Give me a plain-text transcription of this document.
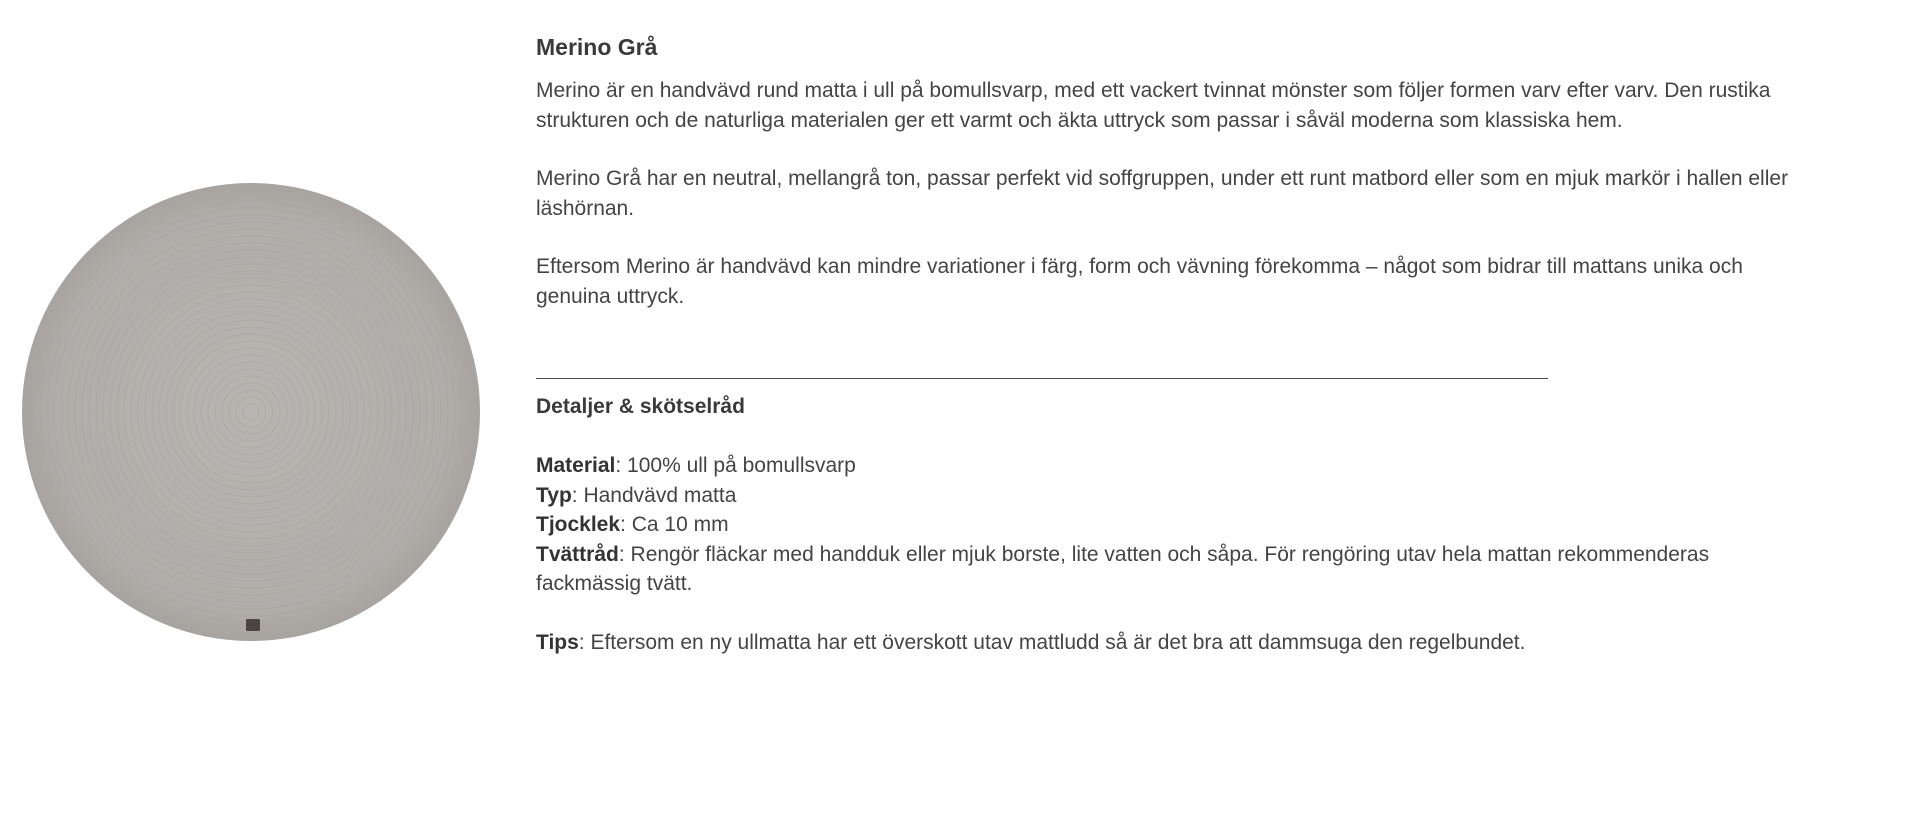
Merino Grå

Merino är en handvävd rund matta i ull på bomullsvarp, med ett vackert tvinnat mönster som följer formen varv efter varv. Den rustika strukturen och de naturliga materialen ger ett varmt och äkta uttryck som passar i såväl moderna som klassiska hem.

Merino Grå har en neutral, mellangrå ton, passar perfekt vid soffgruppen, under ett runt matbord eller som en mjuk markör i hallen eller läshörnan.

Eftersom Merino är handvävd kan mindre variationer i färg, form och vävning förekomma – något som bidrar till mattans unika och genuina uttryck.

Detaljer & skötselråd
Material: 100% ull på bomullsvarp
Typ: Handvävd matta
Tjocklek: Ca 10 mm
Tvättråd: Rengör fläckar med handduk eller mjuk borste, lite vatten och såpa. För rengöring utav hela mattan rekommenderas fackmässig tvätt.
Tips: Eftersom en ny ullmatta har ett överskott utav mattludd så är det bra att dammsuga den regelbundet.
